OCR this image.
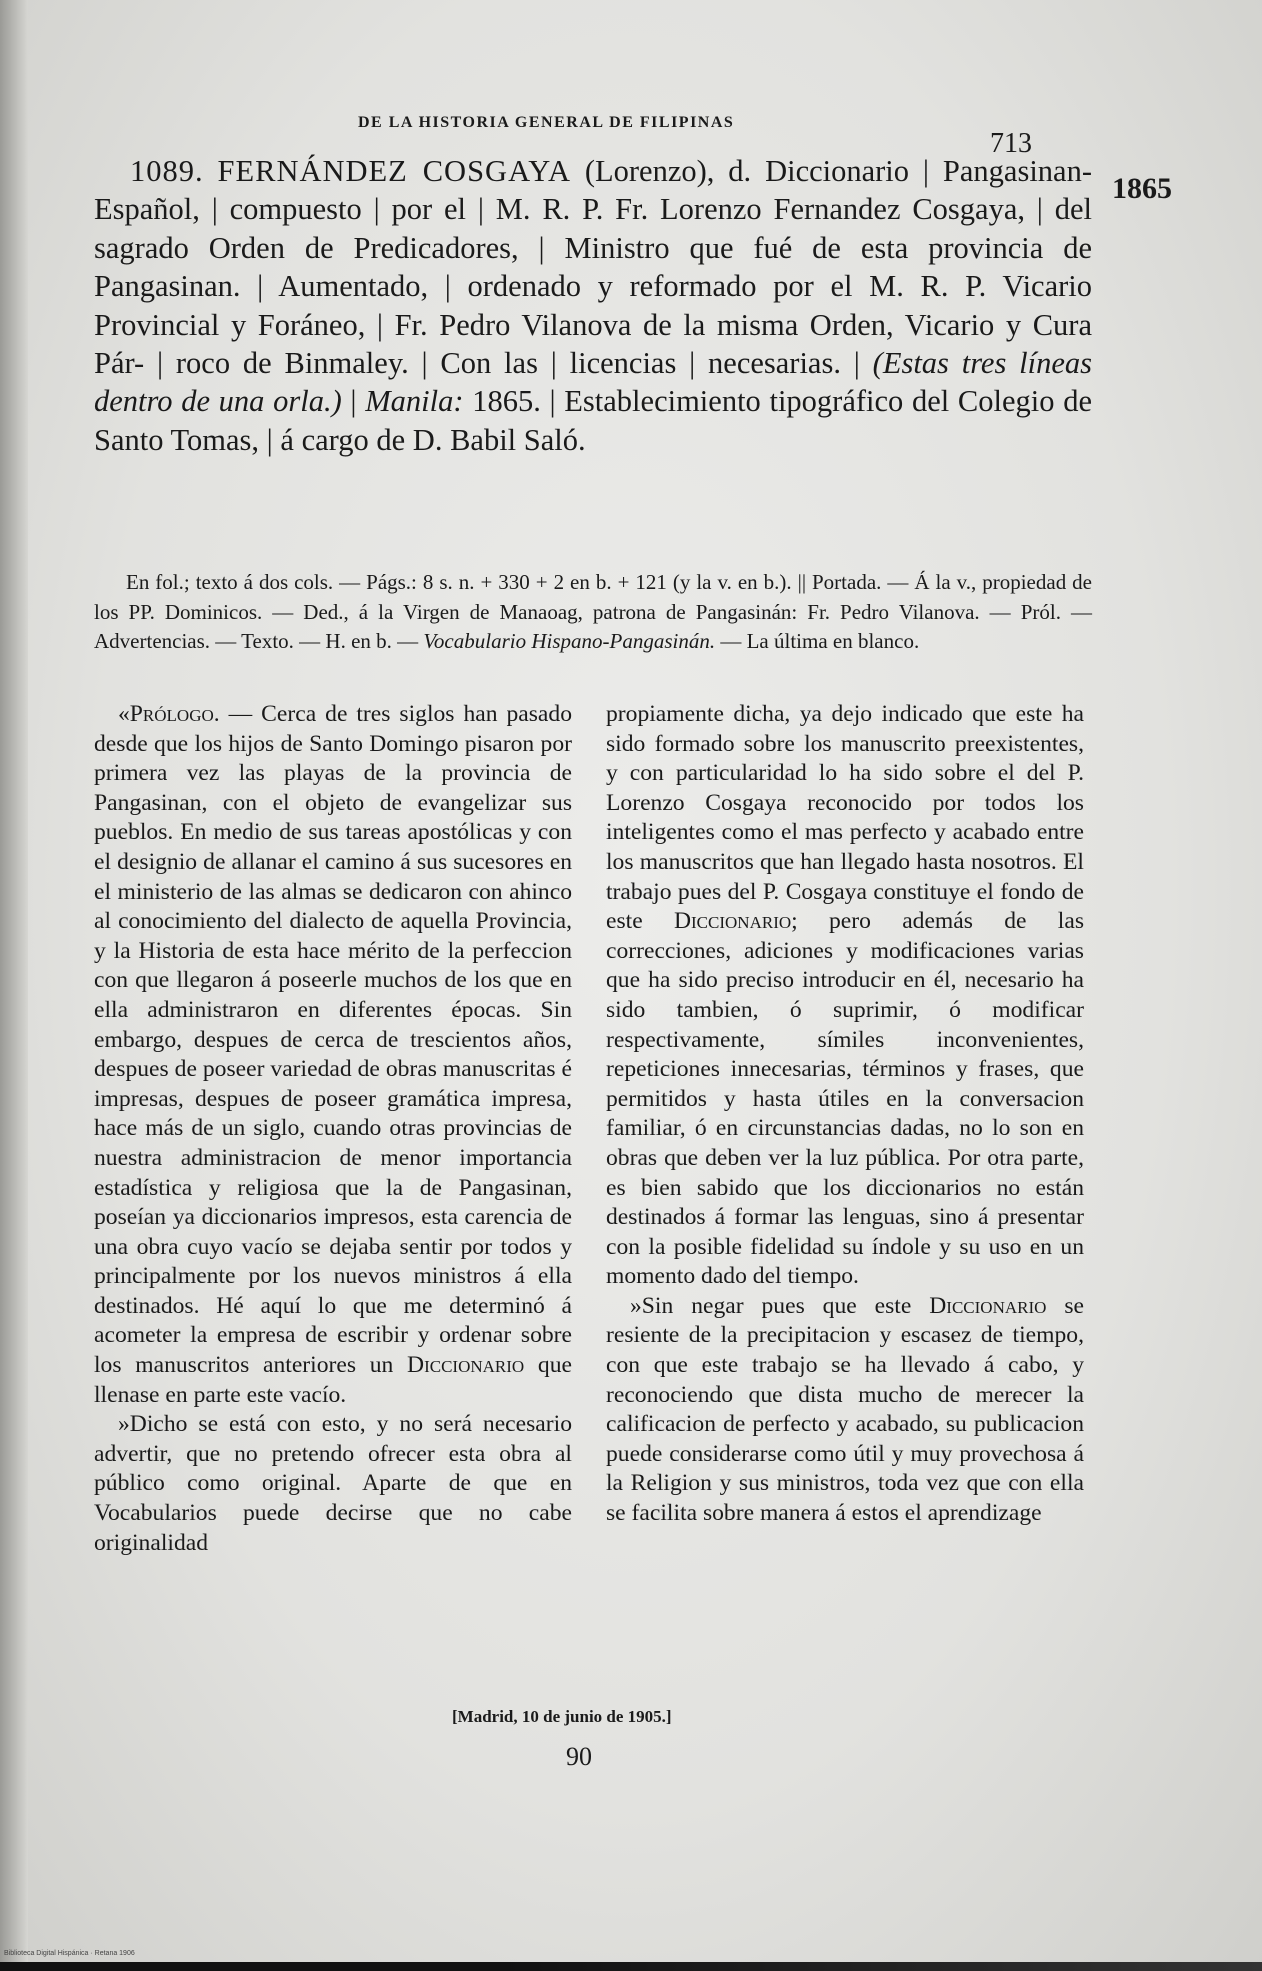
DE LA HISTORIA GENERAL DE FILIPINAS
713
1865

1089. FERNÁNDEZ COSGAYA (Lorenzo), d. Diccionario | Pangasinan-Español, | compuesto | por el | M. R. P. Fr. Lorenzo Fernandez Cosgaya, | del sagrado Orden de Predicadores, | Ministro que fué de esta provincia de Pangasinan. | Aumentado, | ordenado y reformado por el M. R. P. Vicario Provincial y Foráneo, | Fr. Pedro Vilanova de la misma Orden, Vicario y Cura Pár- | roco de Binmaley. | Con las | licencias | necesarias. | (Estas tres líneas dentro de una orla.) | Manila: 1865. | Establecimiento tipográfico del Colegio de Santo Tomas, | á cargo de D. Babil Saló.

En fol.; texto á dos cols. — Págs.: 8 s. n. + 330 + 2 en b. + 121 (y la v. en b.). || Portada. — Á la v., propiedad de los PP. Dominicos. — Ded., á la Virgen de Manaoag, patrona de Pangasinán: Fr. Pedro Vilanova. — Pról. — Advertencias. — Texto. — H. en b. — Vocabulario Hispano-Pangasinán. — La última en blanco.

«Prólogo. — Cerca de tres siglos han pasado desde que los hijos de Santo Domingo pisaron por primera vez las playas de la provincia de Pangasinan, con el objeto de evangelizar sus pueblos. En medio de sus tareas apostólicas y con el designio de allanar el camino á sus sucesores en el ministerio de las almas se dedicaron con ahinco al conocimiento del dialecto de aquella Provincia, y la Historia de esta hace mérito de la perfeccion con que llegaron á poseerle muchos de los que en ella administraron en diferentes épocas. Sin embargo, despues de cerca de trescientos años, despues de poseer variedad de obras manuscritas é impresas, despues de poseer gramática impresa, hace más de un siglo, cuando otras provincias de nuestra administracion de menor importancia estadística y religiosa que la de Pangasinan, poseían ya diccionarios impresos, esta carencia de una obra cuyo vacío se dejaba sentir por todos y principalmente por los nuevos ministros á ella destinados. Hé aquí lo que me determinó á acometer la empresa de escribir y ordenar sobre los manuscritos anteriores un Diccionario que llenase en parte este vacío.

»Dicho se está con esto, y no será necesario advertir, que no pretendo ofrecer esta obra al público como original. Aparte de que en Vocabularios puede decirse que no cabe originalidad

propiamente dicha, ya dejo indicado que este ha sido formado sobre los manuscrito preexistentes, y con particularidad lo ha sido sobre el del P. Lorenzo Cosgaya reconocido por todos los inteligentes como el mas perfecto y acabado entre los manuscritos que han llegado hasta nosotros. El trabajo pues del P. Cosgaya constituye el fondo de este Diccionario; pero además de las correcciones, adiciones y modificaciones varias que ha sido preciso introducir en él, necesario ha sido tambien, ó suprimir, ó modificar respectivamente, símiles inconvenientes, repeticiones innecesarias, términos y frases, que permitidos y hasta útiles en la conversacion familiar, ó en circunstancias dadas, no lo son en obras que deben ver la luz pública. Por otra parte, es bien sabido que los diccionarios no están destinados á formar las lenguas, sino á presentar con la posible fidelidad su índole y su uso en un momento dado del tiempo.

»Sin negar pues que este Diccionario se resiente de la precipitacion y escasez de tiempo, con que este trabajo se ha llevado á cabo, y reconociendo que dista mucho de merecer la calificacion de perfecto y acabado, su publicacion puede considerarse como útil y muy provechosa á la Religion y sus ministros, toda vez que con ella se facilita sobre manera á estos el aprendizage

[Madrid, 10 de junio de 1905.]
90
Biblioteca Digital Hispánica · Retana 1906
